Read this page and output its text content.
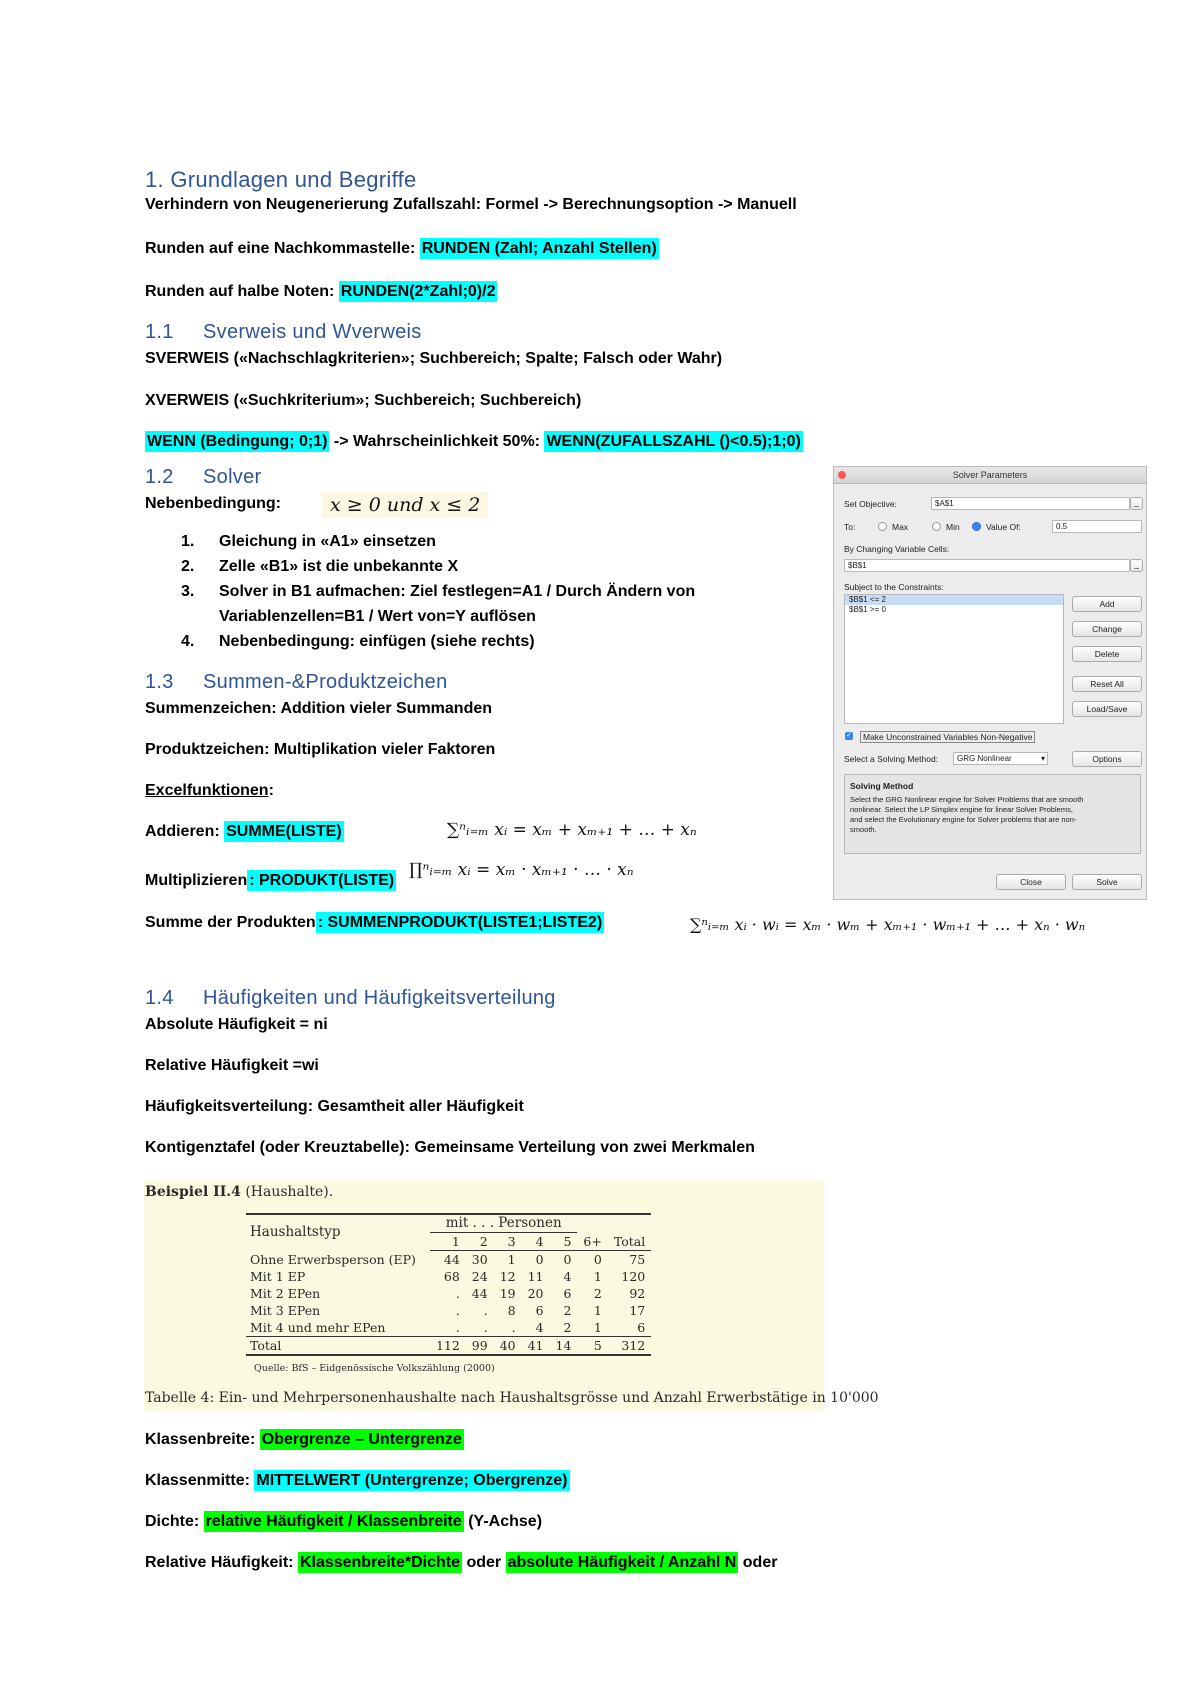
1. Grundlagen und Begriffe
Verhindern von Neugenerierung Zufallszahl: Formel -> Berechnungsoption -> Manuell
Runden auf eine Nachkommastelle: RUNDEN (Zahl; Anzahl Stellen)
Runden auf halbe Noten: RUNDEN(2*Zahl;0)/2
1.1 Sverweis und Wverweis
SVERWEIS («Nachschlagkriterien»; Suchbereich; Spalte; Falsch oder Wahr)
XVERWEIS («Suchkriterium»; Suchbereich; Suchbereich)
WENN (Bedingung; 0;1) -> Wahrscheinlichkeit 50%: WENN(ZUFALLSZAHL ()<0.5);1;0)
1.2 Solver
Nebenbedingung:	x ≥ 0 und x ≤ 2
1. Gleichung in «A1» einsetzen
2. Zelle «B1» ist die unbekannte X
3. Solver in B1 aufmachen: Ziel festlegen=A1 / Durch Ändern von
Variablenzellen=B1 / Wert von=Y auflösen
4. Nebenbedingung: einfügen (siehe rechts)
1.3 Summen-&Produktzeichen
Summenzeichen: Addition vieler Summanden
Produktzeichen: Multiplikation vieler Faktoren
Excelfunktionen:
Addieren: SUMME(LISTE)	∑ⁿᵢ₌ₘ xᵢ = xₘ + xₘ₊₁ + … + xₙ
Multiplizieren : PRODUKT(LISTE)
∏ⁿᵢ₌ₘ xᵢ = xₘ · xₘ₊₁ · … · xₙ
Summe der Produkten : SUMMENPRODUKT(LISTE1;LISTE2)	∑ⁿᵢ₌ₘ xᵢ · wᵢ = xₘ · wₘ + xₘ₊₁ · wₘ₊₁ + … + xₙ · wₙ
Solver Parameters
Set Objective:	$A$1	_
To:	Max	Min	Value Of:	0.5
By Changing Variable Cells:
$B$1	_
Subject to the Constraints:
$B$1 <= 2
$B$1 >= 0
Add
Change
Delete
Reset All
Load/Save
✓	Make Unconstrained Variables Non-Negative
Select a Solving Method:	GRG Nonlinear	▾	Options
Solving Method
Select the GRG Nonlinear engine for Solver Problems that are smooth
nonlinear. Select the LP Simplex engine for linear Solver Problems,
and select the Evolutionary engine for Solver problems that are non-
smooth.
Close	Solve
1.4 Häufigkeiten und Häufigkeitsverteilung
Absolute Häufigkeit = ni
Relative Häufigkeit =wi
Häufigkeitsverteilung: Gesamtheit aller Häufigkeit
Kontigenztafel (oder Kreuztabelle): Gemeinsame Verteilung von zwei Merkmalen
Beispiel II.4 (Haushalte).
Haushaltstyp	mit . . . Personen						
	1	2	3	4	5	6+	Total
Ohne Erwerbsperson (EP)	44	30	1	0	0	0	75
Mit 1 EP	68	24	12	11	4	1	120
Mit 2 EPen	.	44	19	20	6	2	92
Mit 3 EPen	.	.	8	6	2	1	17
Mit 4 und mehr EPen	.	.	.	4	2	1	6
Total	112	99	40	41	14	5	312
Quelle: BfS – Eidgenössische Volkszählung (2000)
Tabelle 4: Ein- und Mehrpersonenhaushalte nach Haushaltsgrösse und Anzahl Erwerbstätige in 10'000
Klassenbreite: Obergrenze – Untergrenze
Klassenmitte: MITTELWERT (Untergrenze; Obergrenze)
Dichte: relative Häufigkeit / Klassenbreite (Y-Achse)
Relative Häufigkeit: Klassenbreite*Dichte oder absolute Häufigkeit / Anzahl N oder
